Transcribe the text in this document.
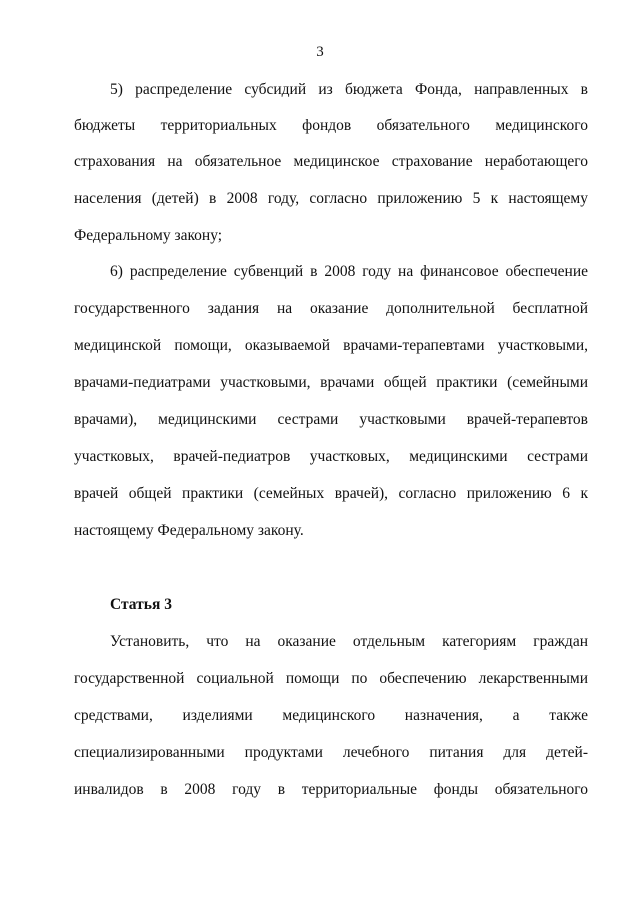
3
5) распределение субсидий из бюджета Фонда, направленных в
бюджеты территориальных фондов обязательного медицинского
страхования на обязательное медицинское страхование неработающего
населения (детей) в 2008 году, согласно приложению 5 к настоящему
Федеральному закону;
6) распределение субвенций в 2008 году на финансовое обеспечение
государственного задания на оказание дополнительной бесплатной
медицинской помощи, оказываемой врачами-терапевтами участковыми,
врачами-педиатрами участковыми, врачами общей практики (семейными
врачами), медицинскими сестрами участковыми врачей-терапевтов
участковых, врачей-педиатров участковых, медицинскими сестрами
врачей общей практики (семейных врачей), согласно приложению 6 к
настоящему Федеральному закону.
Статья 3
Установить, что на оказание отдельным категориям граждан
государственной социальной помощи по обеспечению лекарственными
средствами, изделиями медицинского назначения, а также
специализированными продуктами лечебного питания для детей-
инвалидов в 2008 году в территориальные фонды обязательного
